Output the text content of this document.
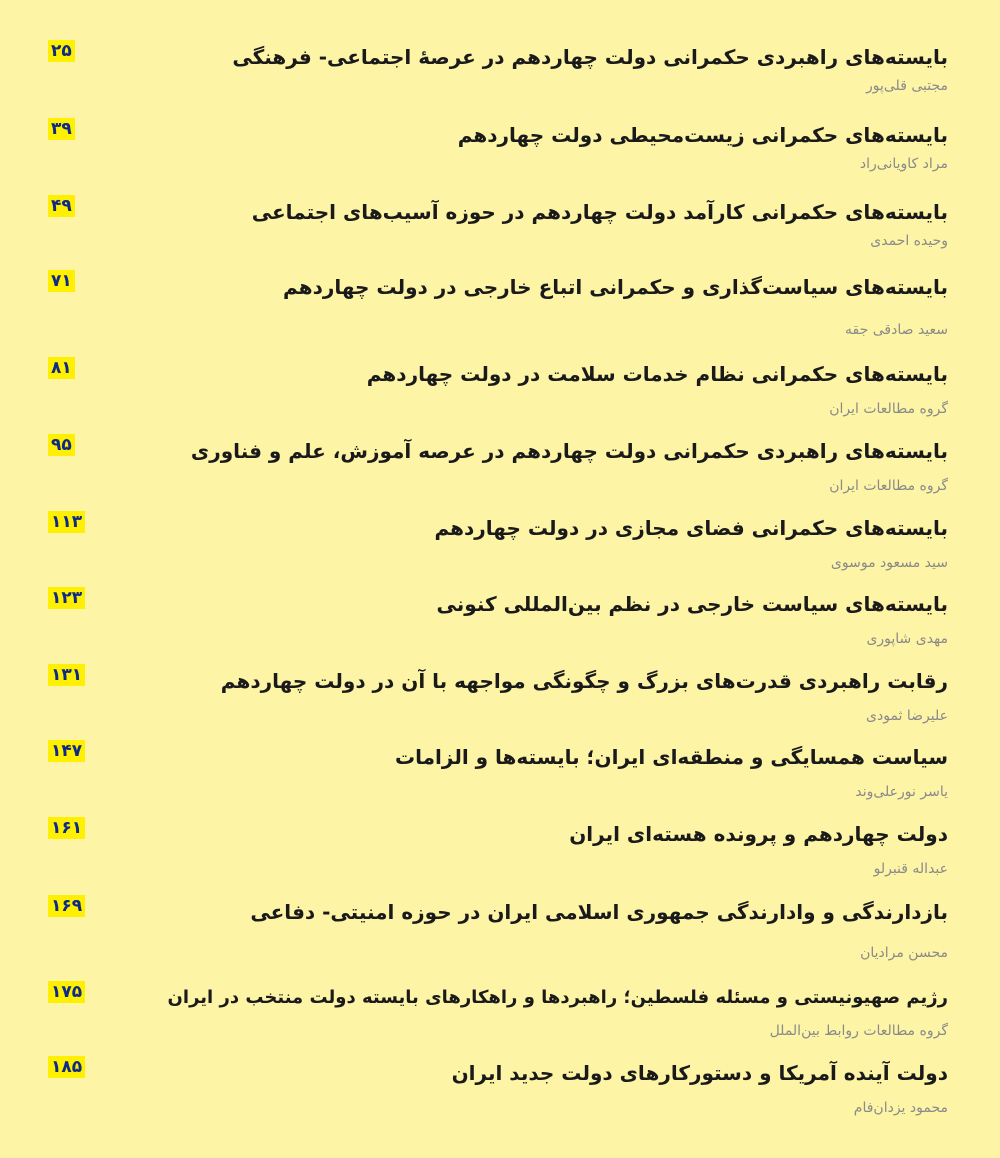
بایسته‌های راهبردی حکمرانی دولت چهاردهم در عرصۀ اجتماعی- فرهنگی
مجتبی قلی‌پور
۲۵
بایسته‌های حکمرانی زیست‌محیطی دولت چهاردهم
مراد کاویانی‌راد
۳۹
بایسته‌های حکمرانی کارآمد دولت چهاردهم در حوزه آسیب‌های اجتماعی
وحیده احمدی
۴۹
بایسته‌های سیاست‌گذاری و حکمرانی اتباع خارجی در دولت چهاردهم
سعید صادقی جقه
۷۱
بایسته‌های حکمرانی نظام خدمات سلامت در دولت چهاردهم
گروه مطالعات ایران
۸۱
بایسته‌های راهبردی حکمرانی دولت چهاردهم در عرصه آموزش، علم و فناوری
گروه مطالعات ایران
۹۵
بایسته‌های حکمرانی فضای مجازی در دولت چهاردهم
سید مسعود موسوی
۱۱۳
بایسته‌های سیاست خارجی در نظم بین‌المللی کنونی
مهدی شاپوری
۱۲۳
رقابت راهبردی قدرت‌های بزرگ و چگونگی مواجهه با آن در دولت چهاردهم
علیرضا ثمودی
۱۳۱
سیاست همسایگی و منطقه‌ای ایران؛ بایسته‌ها و الزامات
یاسر نورعلی‌وند
۱۴۷
دولت چهاردهم و پرونده هسته‌ای ایران
عبداله قنبرلو
۱۶۱
بازدارندگی و وادارندگی جمهوری اسلامی ایران در حوزه امنیتی- دفاعی
محسن مرادیان
۱۶۹
رژیم صهیونیستی و مسئله فلسطین؛ راهبردها و راهکارهای بایسته دولت منتخب در ایران
گروه مطالعات روابط بین‌الملل
۱۷۵
دولت آینده آمریکا و دستورکارهای دولت جدید ایران
محمود یزدان‌فام
۱۸۵
